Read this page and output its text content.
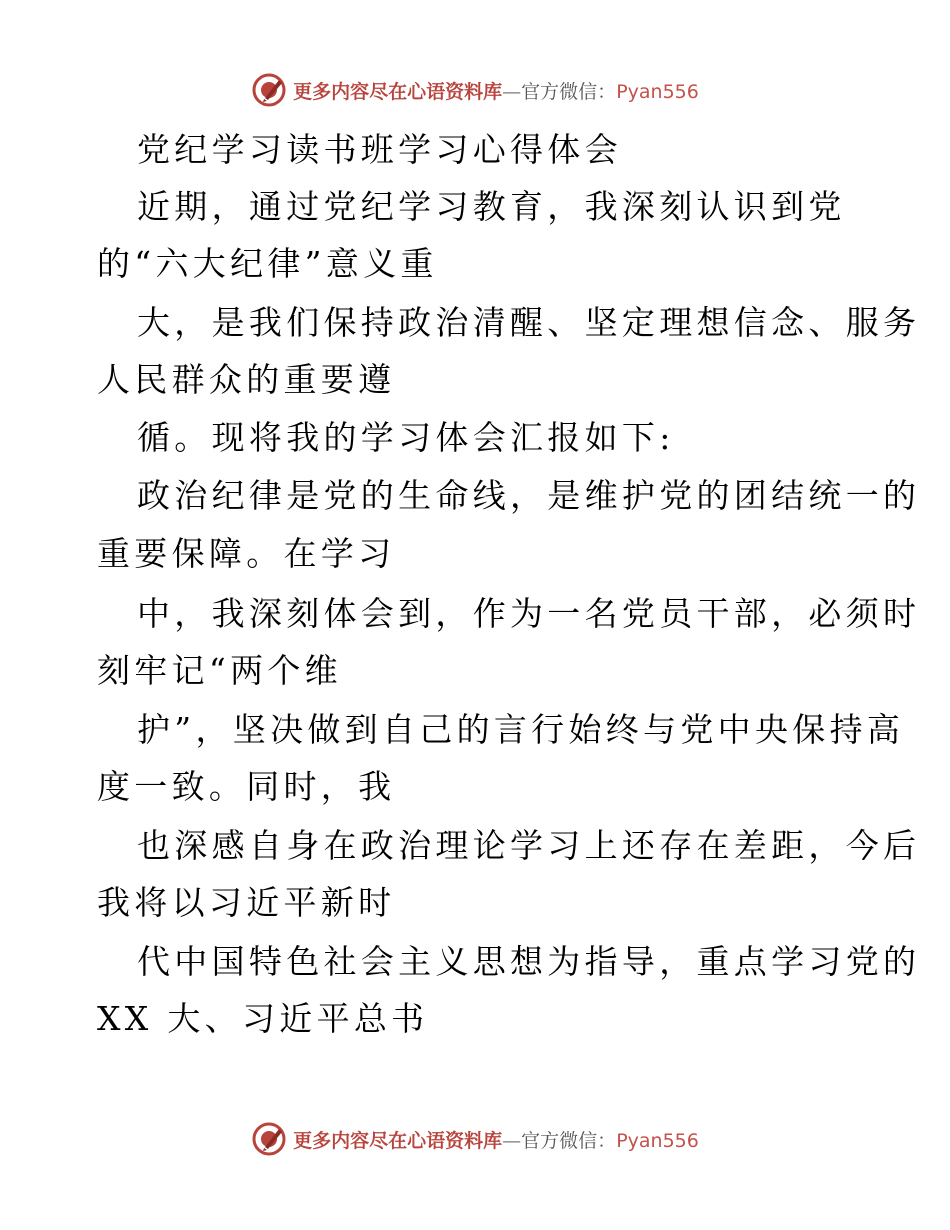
更多内容尽在心语资料库—官方微信：Pyan556
党纪学习读书班学习心得体会
近期，通过党纪学习教育，我深刻认识到党
的“六大纪律”意义重
大，是我们保持政治清醒、坚定理想信念、服务
人民群众的重要遵
循。现将我的学习体会汇报如下:
政治纪律是党的生命线，是维护党的团结统一的
重要保障。在学习
中，我深刻体会到，作为一名党员干部，必须时
刻牢记“两个维
护”，坚决做到自己的言行始终与党中央保持高
度一致。同时，我
也深感自身在政治理论学习上还存在差距，今后
我将以习近平新时
代中国特色社会主义思想为指导，重点学习党的
XX 大、习近平总书
更多内容尽在心语资料库—官方微信：Pyan556
